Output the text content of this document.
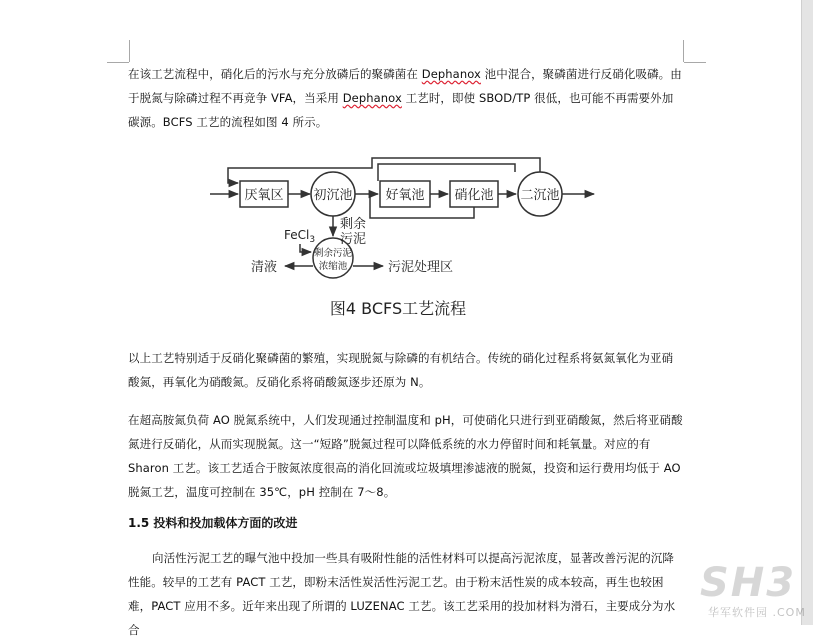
在该工艺流程中，硝化后的污水与充分放磷后的聚磷菌在 Dephanox 池中混合，聚磷菌进行反硝化吸磷。由于脱氮与除磷过程不再竞争 VFA，当采用 Dephanox 工艺时，即使 SBOD/TP 很低，也可能不再需要外加碳源。BCFS 工艺的流程如图 4 所示。

厌氧区 初沉池	好氧池 硝化池 二沉池
剩余
污泥
FeCl$_3$
剩余污泥
浓缩池
清液	污泥处理区
图4 BCFS工艺流程

以上工艺特别适于反硝化聚磷菌的繁殖，实现脱氮与除磷的有机结合。传统的硝化过程系将氨氮氧化为亚硝酸氮，再氧化为硝酸氮。反硝化系将硝酸氮逐步还原为 N。

在超高胺氮负荷 AO 脱氮系统中，人们发现通过控制温度和 pH，可使硝化只进行到亚硝酸氮，然后将亚硝酸氮进行反硝化，从而实现脱氮。这一“短路”脱氮过程可以降低系统的水力停留时间和耗氧量。对应的有 Sharon 工艺。该工艺适合于胺氮浓度很高的消化回流或垃圾填埋渗滤液的脱氮，投资和运行费用均低于 AO 脱氮工艺，温度可控制在 35℃，pH 控制在 7～8。

1.5 投料和投加载体方面的改进

向活性污泥工艺的曝气池中投加一些具有吸附性能的活性材料可以提高污泥浓度，显著改善污泥的沉降性能。较早的工艺有 PACT 工艺，即粉末活性炭活性污泥工艺。由于粉末活性炭的成本较高，再生也较困难，PACT 应用不多。近年来出现了所谓的 LUZENAC 工艺。该工艺采用的投加材料为滑石，主要成分为水合

SH3
华军软件园 .COM
